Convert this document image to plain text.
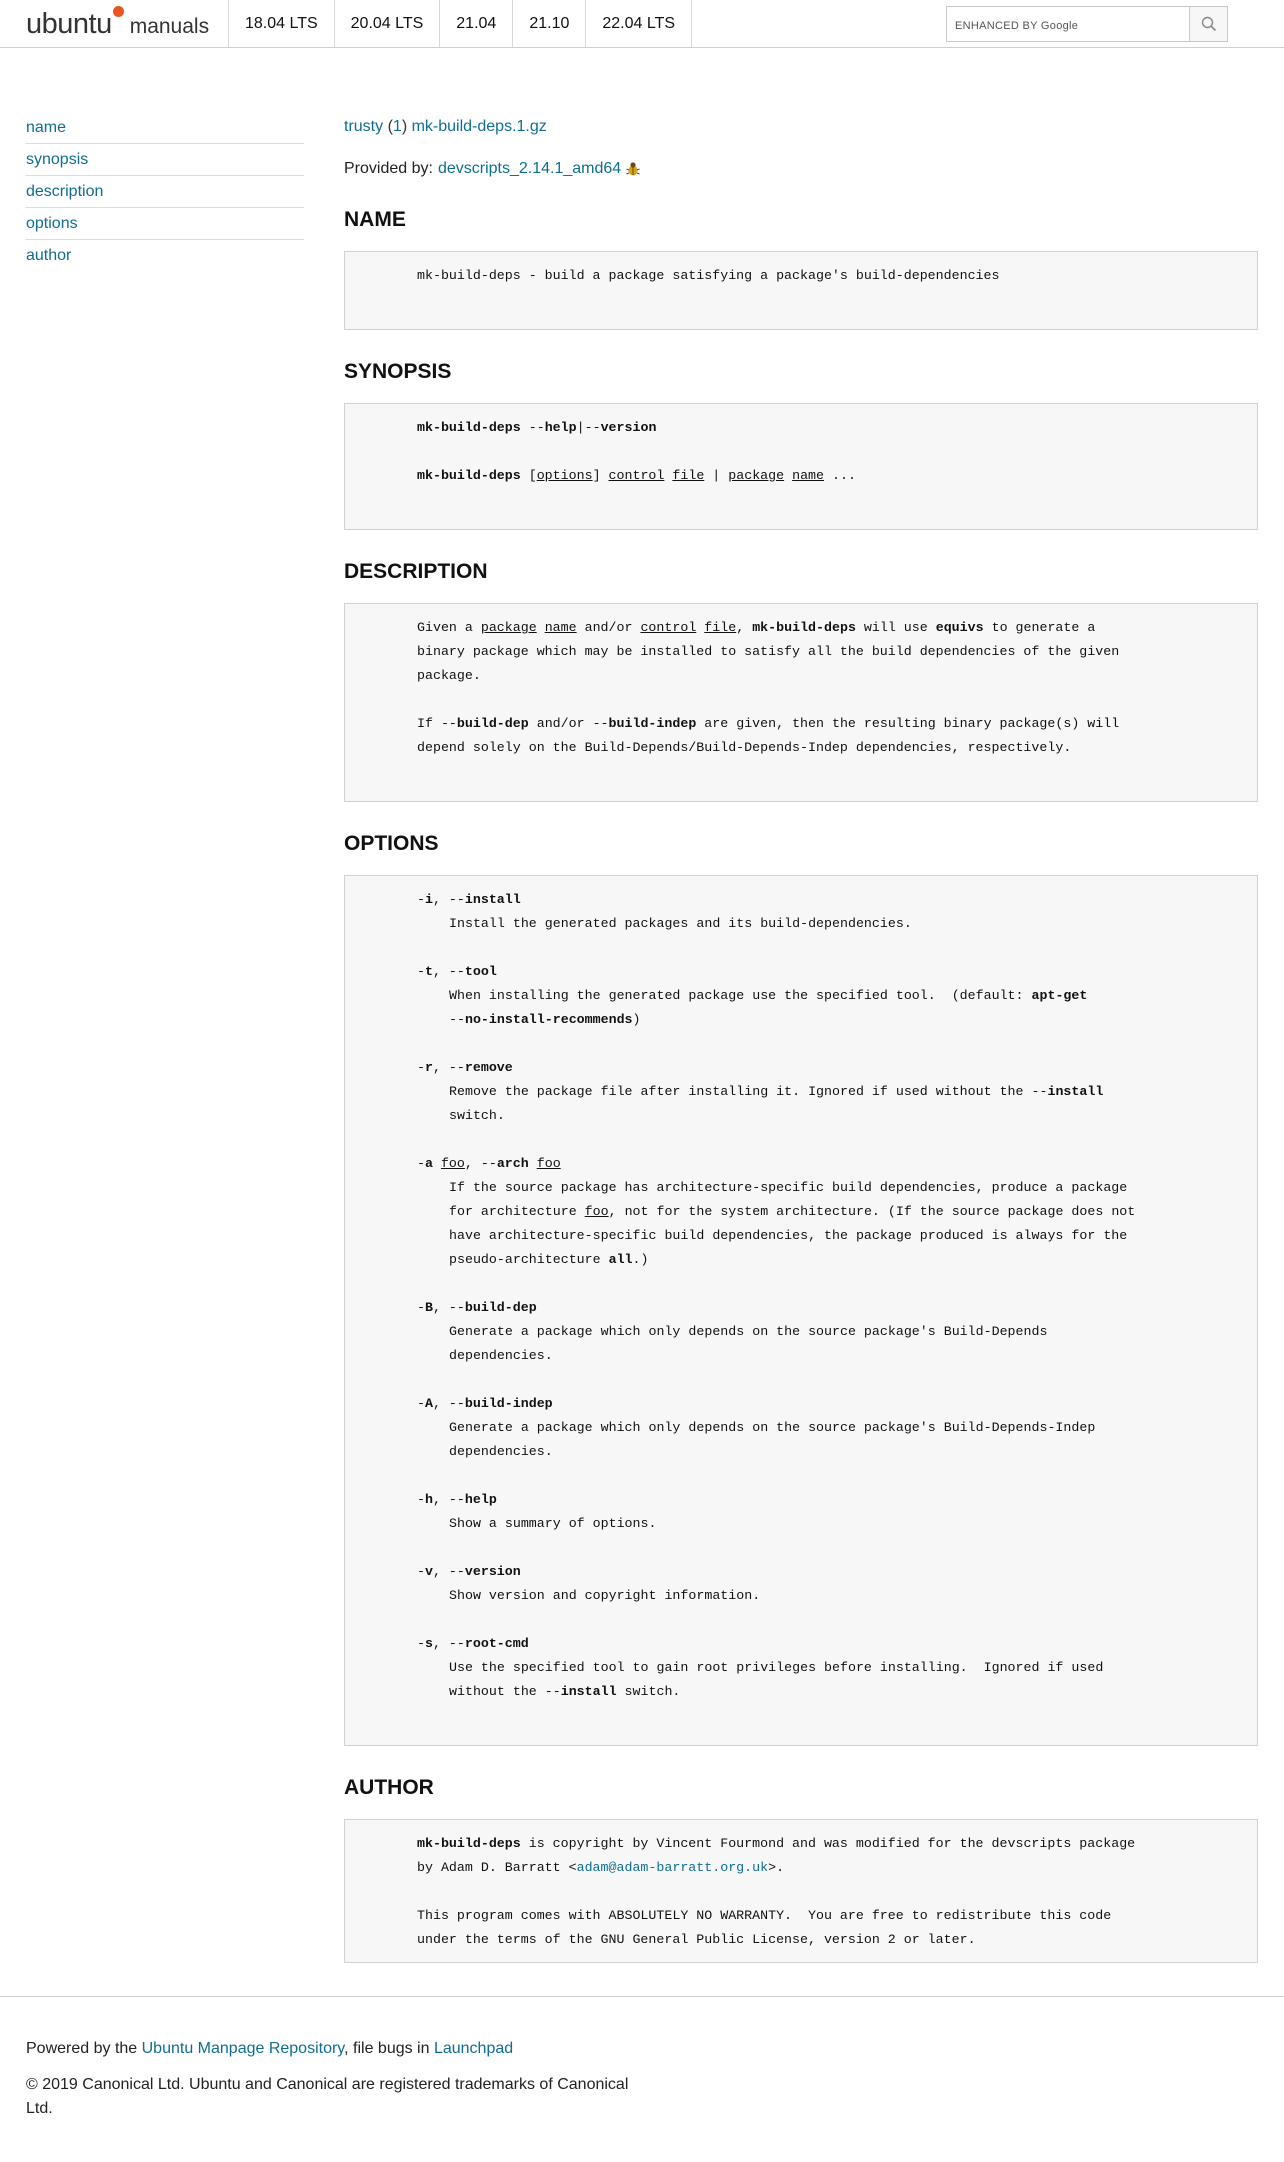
ubuntu manuals	18.04 LTS	20.04 LTS	21.04	21.10	22.04 LTS
ENHANCED BY Google
name
synopsis
description
options
author
trusty (1) mk-build-deps.1.gz
Provided by: devscripts_2.14.1_amd64
NAME
mk-build-deps - build a package satisfying a package's build-dependencies
SYNOPSIS
mk-build-deps --help|--version
mk-build-deps [options] control file | package name ...
DESCRIPTION
Given a package name and/or control file, mk-build-deps will use equivs to generate a
binary package which may be installed to satisfy all the build dependencies of the given
package.
If --build-dep and/or --build-indep are given, then the resulting binary package(s) will
depend solely on the Build-Depends/Build-Depends-Indep dependencies, respectively.
OPTIONS
-i, --install
Install the generated packages and its build-dependencies.
-t, --tool
When installing the generated package use the specified tool.  (default: apt-get
--no-install-recommends)
-r, --remove
Remove the package file after installing it. Ignored if used without the --install
switch.
-a foo, --arch foo
If the source package has architecture-specific build dependencies, produce a package
for architecture foo, not for the system architecture. (If the source package does not
have architecture-specific build dependencies, the package produced is always for the
pseudo-architecture all.)
-B, --build-dep
Generate a package which only depends on the source package's Build-Depends
dependencies.
-A, --build-indep
Generate a package which only depends on the source package's Build-Depends-Indep
dependencies.
-h, --help
Show a summary of options.
-v, --version
Show version and copyright information.
-s, --root-cmd
Use the specified tool to gain root privileges before installing.  Ignored if used
without the --install switch.
AUTHOR
mk-build-deps is copyright by Vincent Fourmond and was modified for the devscripts package
by Adam D. Barratt <adam@adam-barratt.org.uk>.
This program comes with ABSOLUTELY NO WARRANTY.  You are free to redistribute this code
under the terms of the GNU General Public License, version 2 or later.

Powered by the Ubuntu Manpage Repository, file bugs in Launchpad

© 2019 Canonical Ltd. Ubuntu and Canonical are registered trademarks of Canonical Ltd.
